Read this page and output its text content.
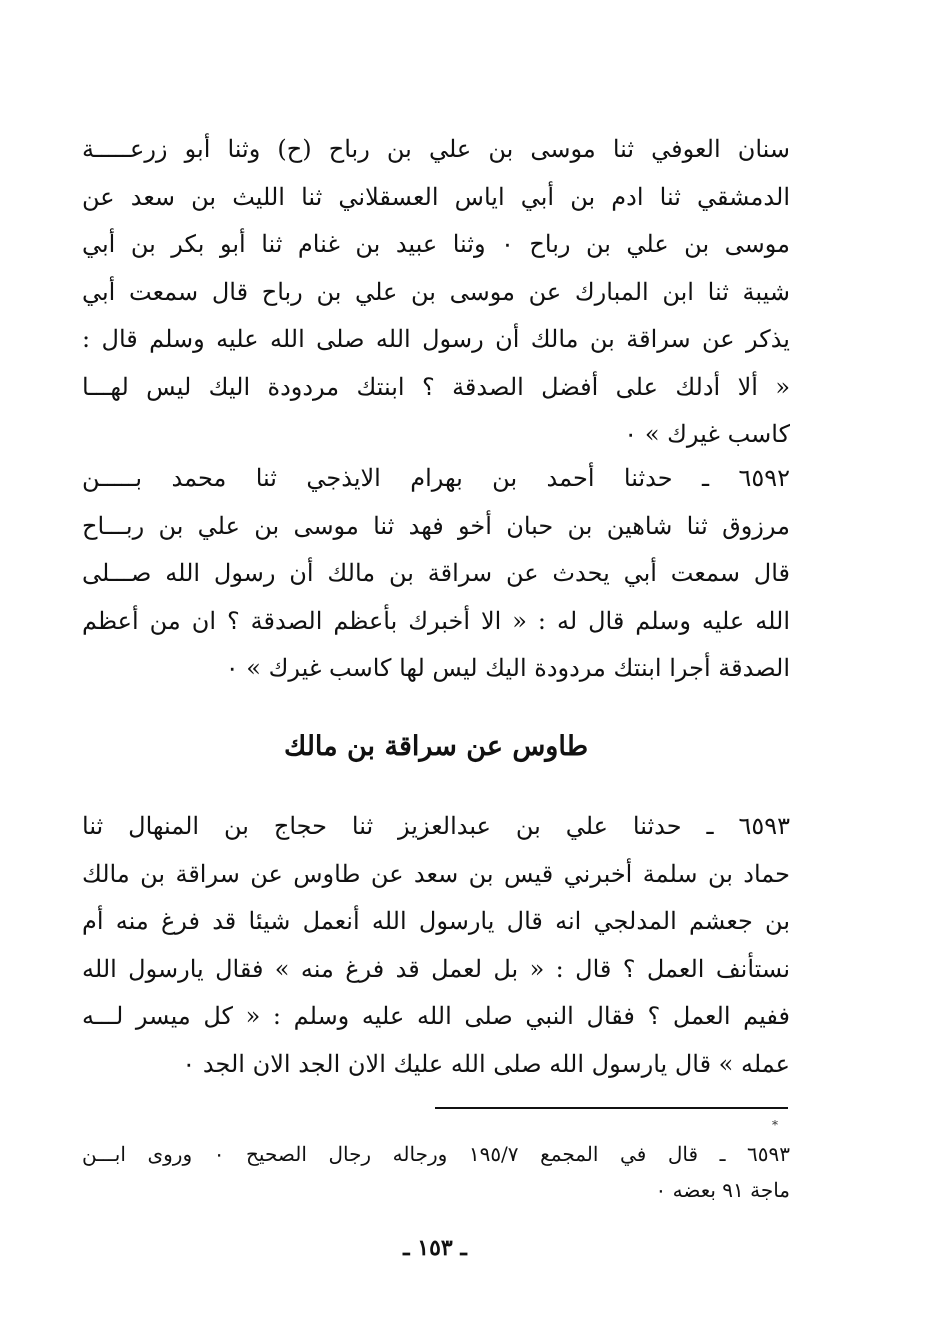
سنان العوفي ثنا موسى بن علي بن رباح (ح) وثنا أبو زرعـــــة
الدمشقي ثنا ادم بن أبي اياس العسقلاني ثنا الليث بن سعد عن
موسى بن علي بن رباح ٠ وثنا عبيد بن غنام ثنا أبو بكر بن أبي
شيبة ثنا ابن المبارك عن موسى بن علي بن رباح قال سمعت أبي
يذكر عن سراقة بن مالك أن رسول الله صلى الله عليه وسلم قال :
« ألا أدلك على أفضل الصدقة ؟ ابنتك مردودة اليك ليس لهـــا
كاسب غيرك » ٠
٦٥٩٢ ـ حدثنا أحمد بن بهرام الايذجي ثنا محمد بـــــن
مرزوق ثنا شاهين بن حبان أخو فهد ثنا موسى بن علي بن ربـــاح
قال سمعت أبي يحدث عن سراقة بن مالك أن رسول الله صـــلى
الله عليه وسلم قال له : « الا أخبرك بأعظم الصدقة ؟ ان من أعظم
الصدقة أجرا ابنتك مردودة اليك ليس لها كاسب غيرك » ٠
طاوس عن سراقة بن مالك
٦٥٩٣ ـ حدثنا علي بن عبدالعزيز ثنا حجاج بن المنهال ثنا
حماد بن سلمة أخبرني قيس بن سعد عن طاوس عن سراقة بن مالك
بن جعشم المدلجي انه قال يارسول الله أنعمل شيئا قد فرغ منه أم
نستأنف العمل ؟ قال : « بل لعمل قد فرغ منه » فقال يارسول الله
ففيم العمل ؟ فقال النبي صلى الله عليه وسلم : « كل ميسر لـــه
عمله » قال يارسول الله صلى الله عليك الان الجد الان الجد ٠
*
٦٥٩٣ ـ قال في المجمع ١٩٥/٧ ورجاله رجال الصحيح ٠ وروى ابـــن
ماجة ٩١ بعضه ٠
ـ ١٥٣ ـ
